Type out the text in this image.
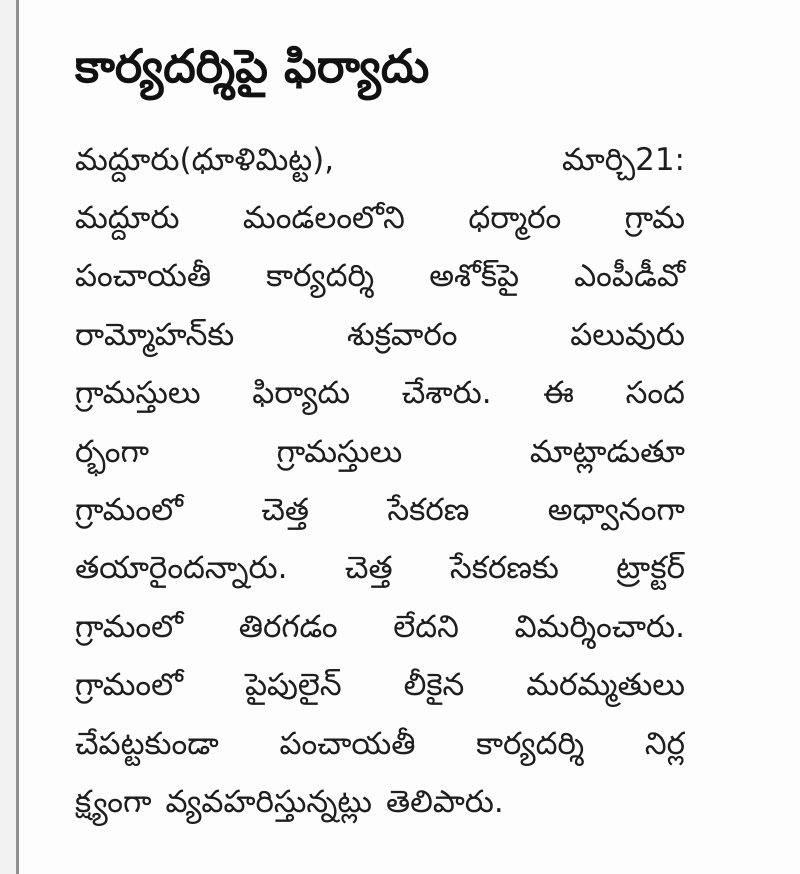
కార్యదర్శిపై ఫిర్యాదు
మద్దూరు(ధూళిమిట్ట),	మార్చి21:
మద్దూరు మండలంలోని ధర్మారం గ్రామ
పంచాయతీ కార్యదర్శి అశోక్‌పై ఎంపీడీవో
రామ్మోహన్‌కు	శుక్రవారం	పలువురు
గ్రామస్తులు ఫిర్యాదు చేశారు. ఈ సంద
ర్భంగా	గ్రామస్తులు	మాట్లాడుతూ
గ్రామంలో	చెత్త	సేకరణ	అధ్వానంగా
తయారైందన్నారు. చెత్త సేకరణకు ట్రాక్టర్
గ్రామంలో తిరగడం లేదని విమర్శించారు.
గ్రామంలో పైపులైన్ లీకైన మరమ్మతులు
చేపట్టకుండా పంచాయతీ కార్యదర్శి నిర్ల
క్ష్యంగా వ్యవహరిస్తున్నట్లు తెలిపారు.
